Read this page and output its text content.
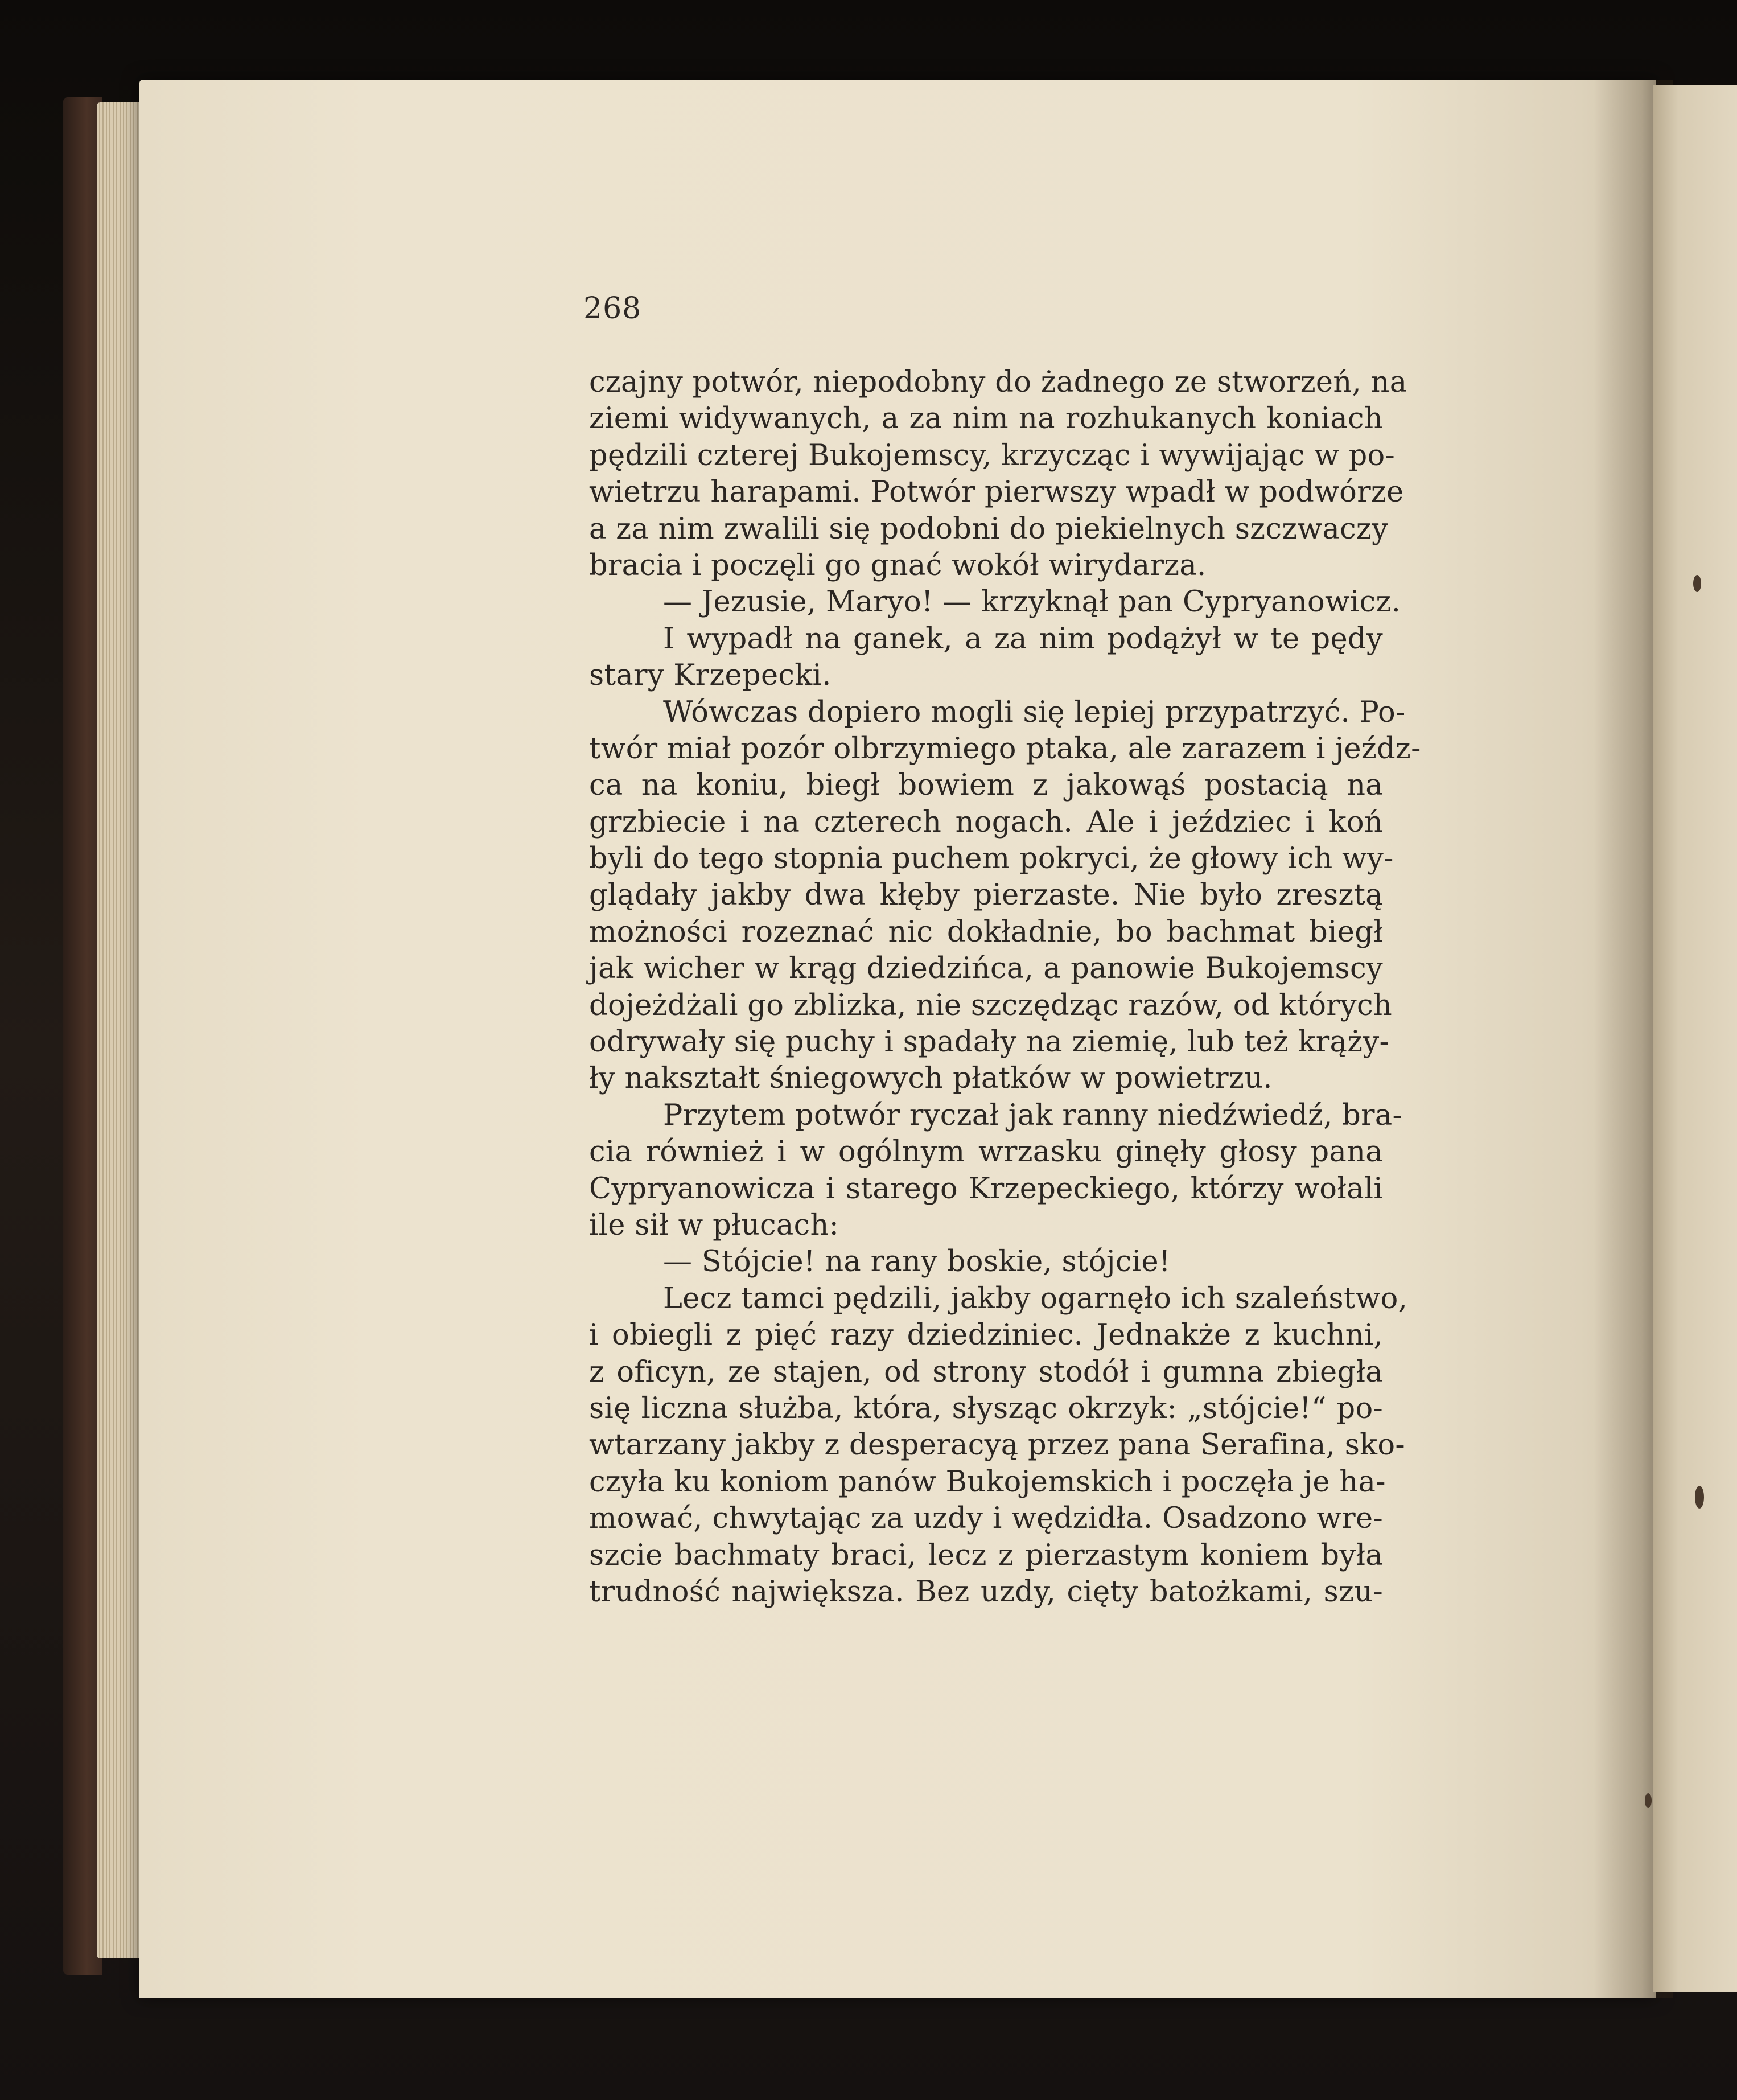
268

czajny potwór, niepodobny do żadnego ze stworzeń, na
ziemi widywanych, a za nim na rozhukanych koniach
pędzili czterej Bukojemscy, krzycząc i wywijając w po-
wietrzu harapami. Potwór pierwszy wpadł w podwórze
a za nim zwalili się podobni do piekielnych szczwaczy
bracia i poczęli go gnać wokół wirydarza.
— Jezusie, Maryo! — krzyknął pan Cypryanowicz.
I wypadł na ganek, a za nim podążył w te pędy
stary Krzepecki.
Wówczas dopiero mogli się lepiej przypatrzyć. Po-
twór miał pozór olbrzymiego ptaka, ale zarazem i jeźdz-
ca na koniu, biegł bowiem z jakowąś postacią na
grzbiecie i na czterech nogach. Ale i jeździec i koń
byli do tego stopnia puchem pokryci, że głowy ich wy-
glądały jakby dwa kłęby pierzaste. Nie było zresztą
możności rozeznać nic dokładnie, bo bachmat biegł
jak wicher w krąg dziedzińca, a panowie Bukojemscy
dojeżdżali go zblizka, nie szczędząc razów, od których
odrywały się puchy i spadały na ziemię, lub też krąży-
ły nakształt śniegowych płatków w powietrzu.
Przytem potwór ryczał jak ranny niedźwiedź, bra-
cia również i w ogólnym wrzasku ginęły głosy pana
Cypryanowicza i starego Krzepeckiego, którzy wołali
ile sił w płucach:
— Stójcie! na rany boskie, stójcie!
Lecz tamci pędzili, jakby ogarnęło ich szaleństwo,
i obiegli z pięć razy dziedziniec. Jednakże z kuchni,
z oficyn, ze stajen, od strony stodół i gumna zbiegła
się liczna służba, która, słysząc okrzyk: „stójcie!“ po-
wtarzany jakby z desperacyą przez pana Serafina, sko-
czyła ku koniom panów Bukojemskich i poczęła je ha-
mować, chwytając za uzdy i wędzidła. Osadzono wre-
szcie bachmaty braci, lecz z pierzastym koniem była
trudność największa. Bez uzdy, cięty batożkami, szu-
